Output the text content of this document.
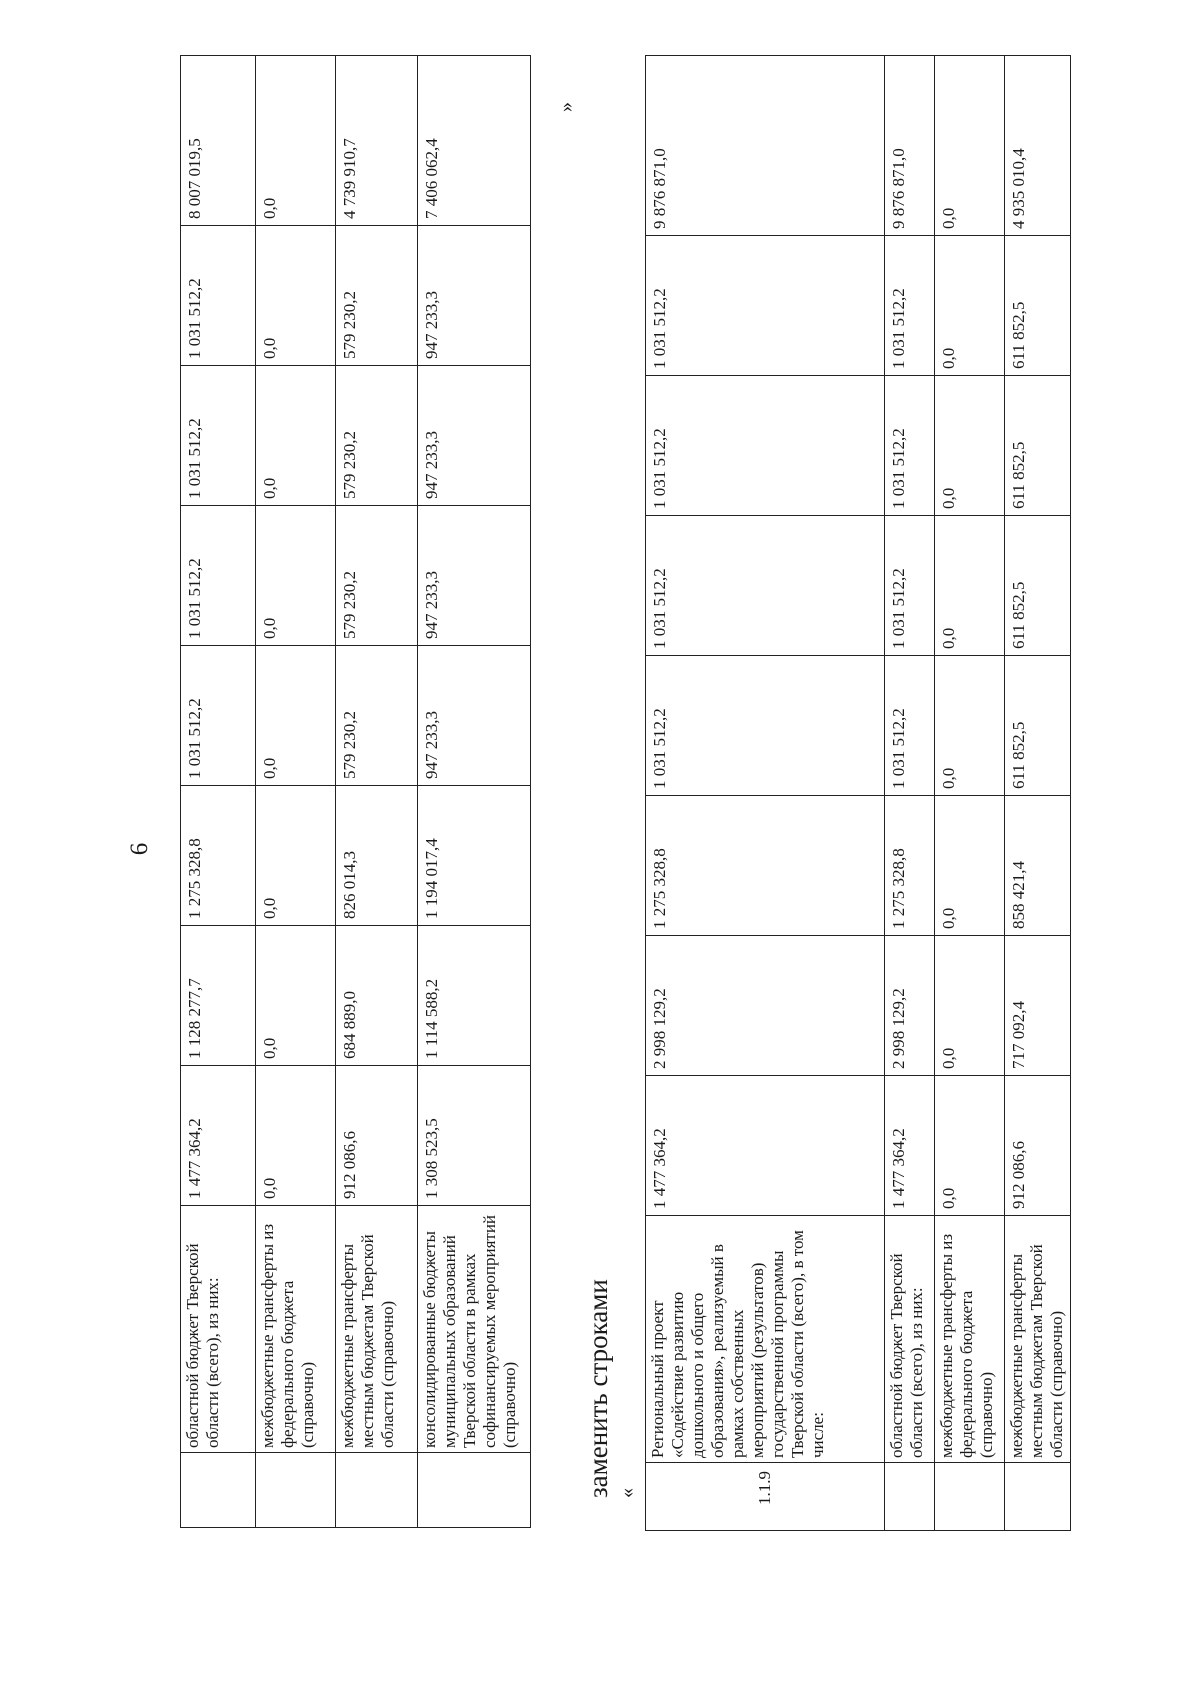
6
	областной бюджет Тверской области (всего), из них:	1 477 364,2	1 128 277,7	1 275 328,8	1 031 512,2	1 031 512,2	1 031 512,2	1 031 512,2	8 007 019,5
	межбюджетные трансферты из федерального бюджета (справочно)	0,0	0,0	0,0	0,0	0,0	0,0	0,0	0,0
	межбюджетные трансферты местным бюджетам Тверской области (справочно)	912 086,6	684 889,0	826 014,3	579 230,2	579 230,2	579 230,2	579 230,2	4 739 910,7
	консолидированные бюджеты муниципальных образований Тверской области в рамках софинансируемых мероприятий (справочно)	1 308 523,5	1 114 588,2	1 194 017,4	947 233,3	947 233,3	947 233,3	947 233,3	7 406 062,4
»
заменить строками «	1.1.9	Региональный проект «Содействие развитию дошкольного и общего образования», реализуемый в рамках собственных мероприятий (результатов) государственной программы Тверской области (всего), в том числе:	1 477 364,2	2 998 129,2	1 275 328,8	1 031 512,2	1 031 512,2	1 031 512,2	1 031 512,2	9 876 871,0
	областной бюджет Тверской области (всего), из них:	1 477 364,2	2 998 129,2	1 275 328,8	1 031 512,2	1 031 512,2	1 031 512,2	1 031 512,2	9 876 871,0
	межбюджетные трансферты из федерального бюджета (справочно)	0,0	0,0	0,0	0,0	0,0	0,0	0,0	0,0
	межбюджетные трансферты местным бюджетам Тверской области (справочно)	912 086,6	717 092,4	858 421,4	611 852,5	611 852,5	611 852,5	611 852,5	4 935 010,4
